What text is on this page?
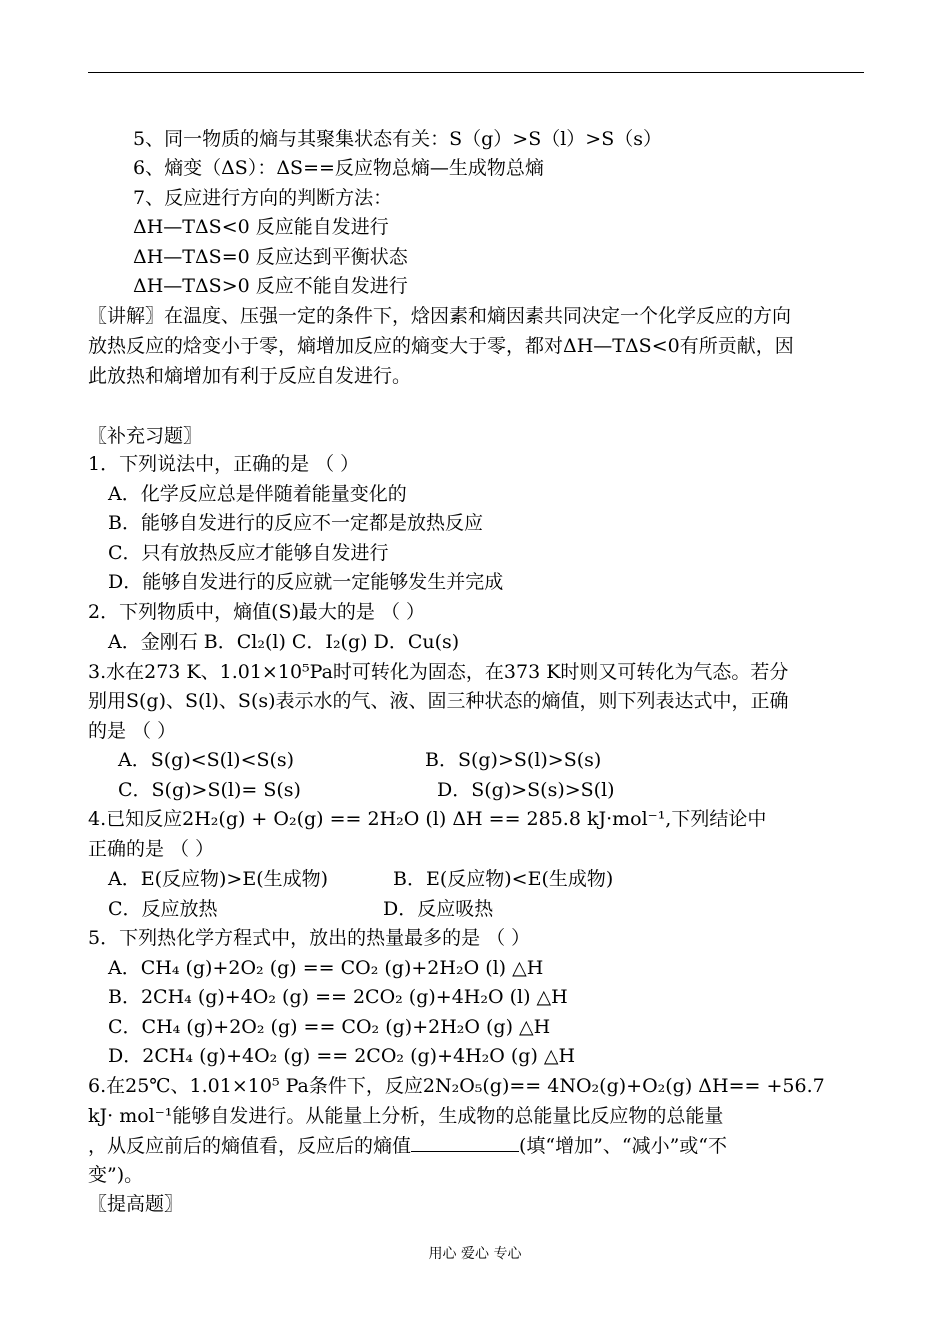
5、同一物质的熵与其聚集状态有关：S（g）>S（l）>S（s）
6、熵变（ΔS）：ΔS==反应物总熵—生成物总熵
7、反应进行方向的判断方法：
ΔH—TΔS<0 反应能自发进行
ΔH—TΔS=0 反应达到平衡状态
ΔH—TΔS>0 反应不能自发进行
〖讲解〗在温度、压强一定的条件下，焓因素和熵因素共同决定一个化学反应的方向
放热反应的焓变小于零，熵增加反应的熵变大于零，都对ΔH—TΔS<0有所贡献，因
此放热和熵增加有利于反应自发进行。
〖补充习题〗
1．下列说法中，正确的是 （ ）
A．化学反应总是伴随着能量变化的
B．能够自发进行的反应不一定都是放热反应
C．只有放热反应才能够自发进行
D．能够自发进行的反应就一定能够发生并完成
2．下列物质中，熵值(S)最大的是 （ ）
A．金刚石 B．Cl₂(l) C．I₂(g) D．Cu(s)
3.水在273 K、1.01×10⁵Pa时可转化为固态，在373 K时则又可转化为气态。若分
别用S(g)、S(l)、S(s)表示水的气、液、固三种状态的熵值，则下列表达式中，正确
的是 （ ）
A．S(g)<S(l)<S(s)	B．S(g)>S(l)>S(s)
C．S(g)>S(l)= S(s)	D．S(g)>S(s)>S(l)
4.已知反应2H₂(g) + O₂(g) == 2H₂O (l) ΔH == 285.8 kJ·mol⁻¹,下列结论中
正确的是 （ ）
A．E(反应物)>E(生成物)	B．E(反应物)<E(生成物)
C．反应放热	D．反应吸热
5．下列热化学方程式中，放出的热量最多的是 （ ）
A．CH₄ (g)+2O₂ (g) == CO₂ (g)+2H₂O (l) △H
B．2CH₄ (g)+4O₂ (g) == 2CO₂ (g)+4H₂O (l) △H
C．CH₄ (g)+2O₂ (g) == CO₂ (g)+2H₂O (g) △H
D．2CH₄ (g)+4O₂ (g) == 2CO₂ (g)+4H₂O (g) △H
6.在25℃、1.01×10⁵ Pa条件下，反应2N₂O₅(g)== 4NO₂(g)+O₂(g) ΔH== +56.7
kJ· mol⁻¹能够自发进行。从能量上分析，生成物的总能量比反应物的总能量
变”)。
〖提高题〗
，从反应前后的熵值看，反应后的熵值	(填“增加”、“减小”或“不
用心 爱心 专心
